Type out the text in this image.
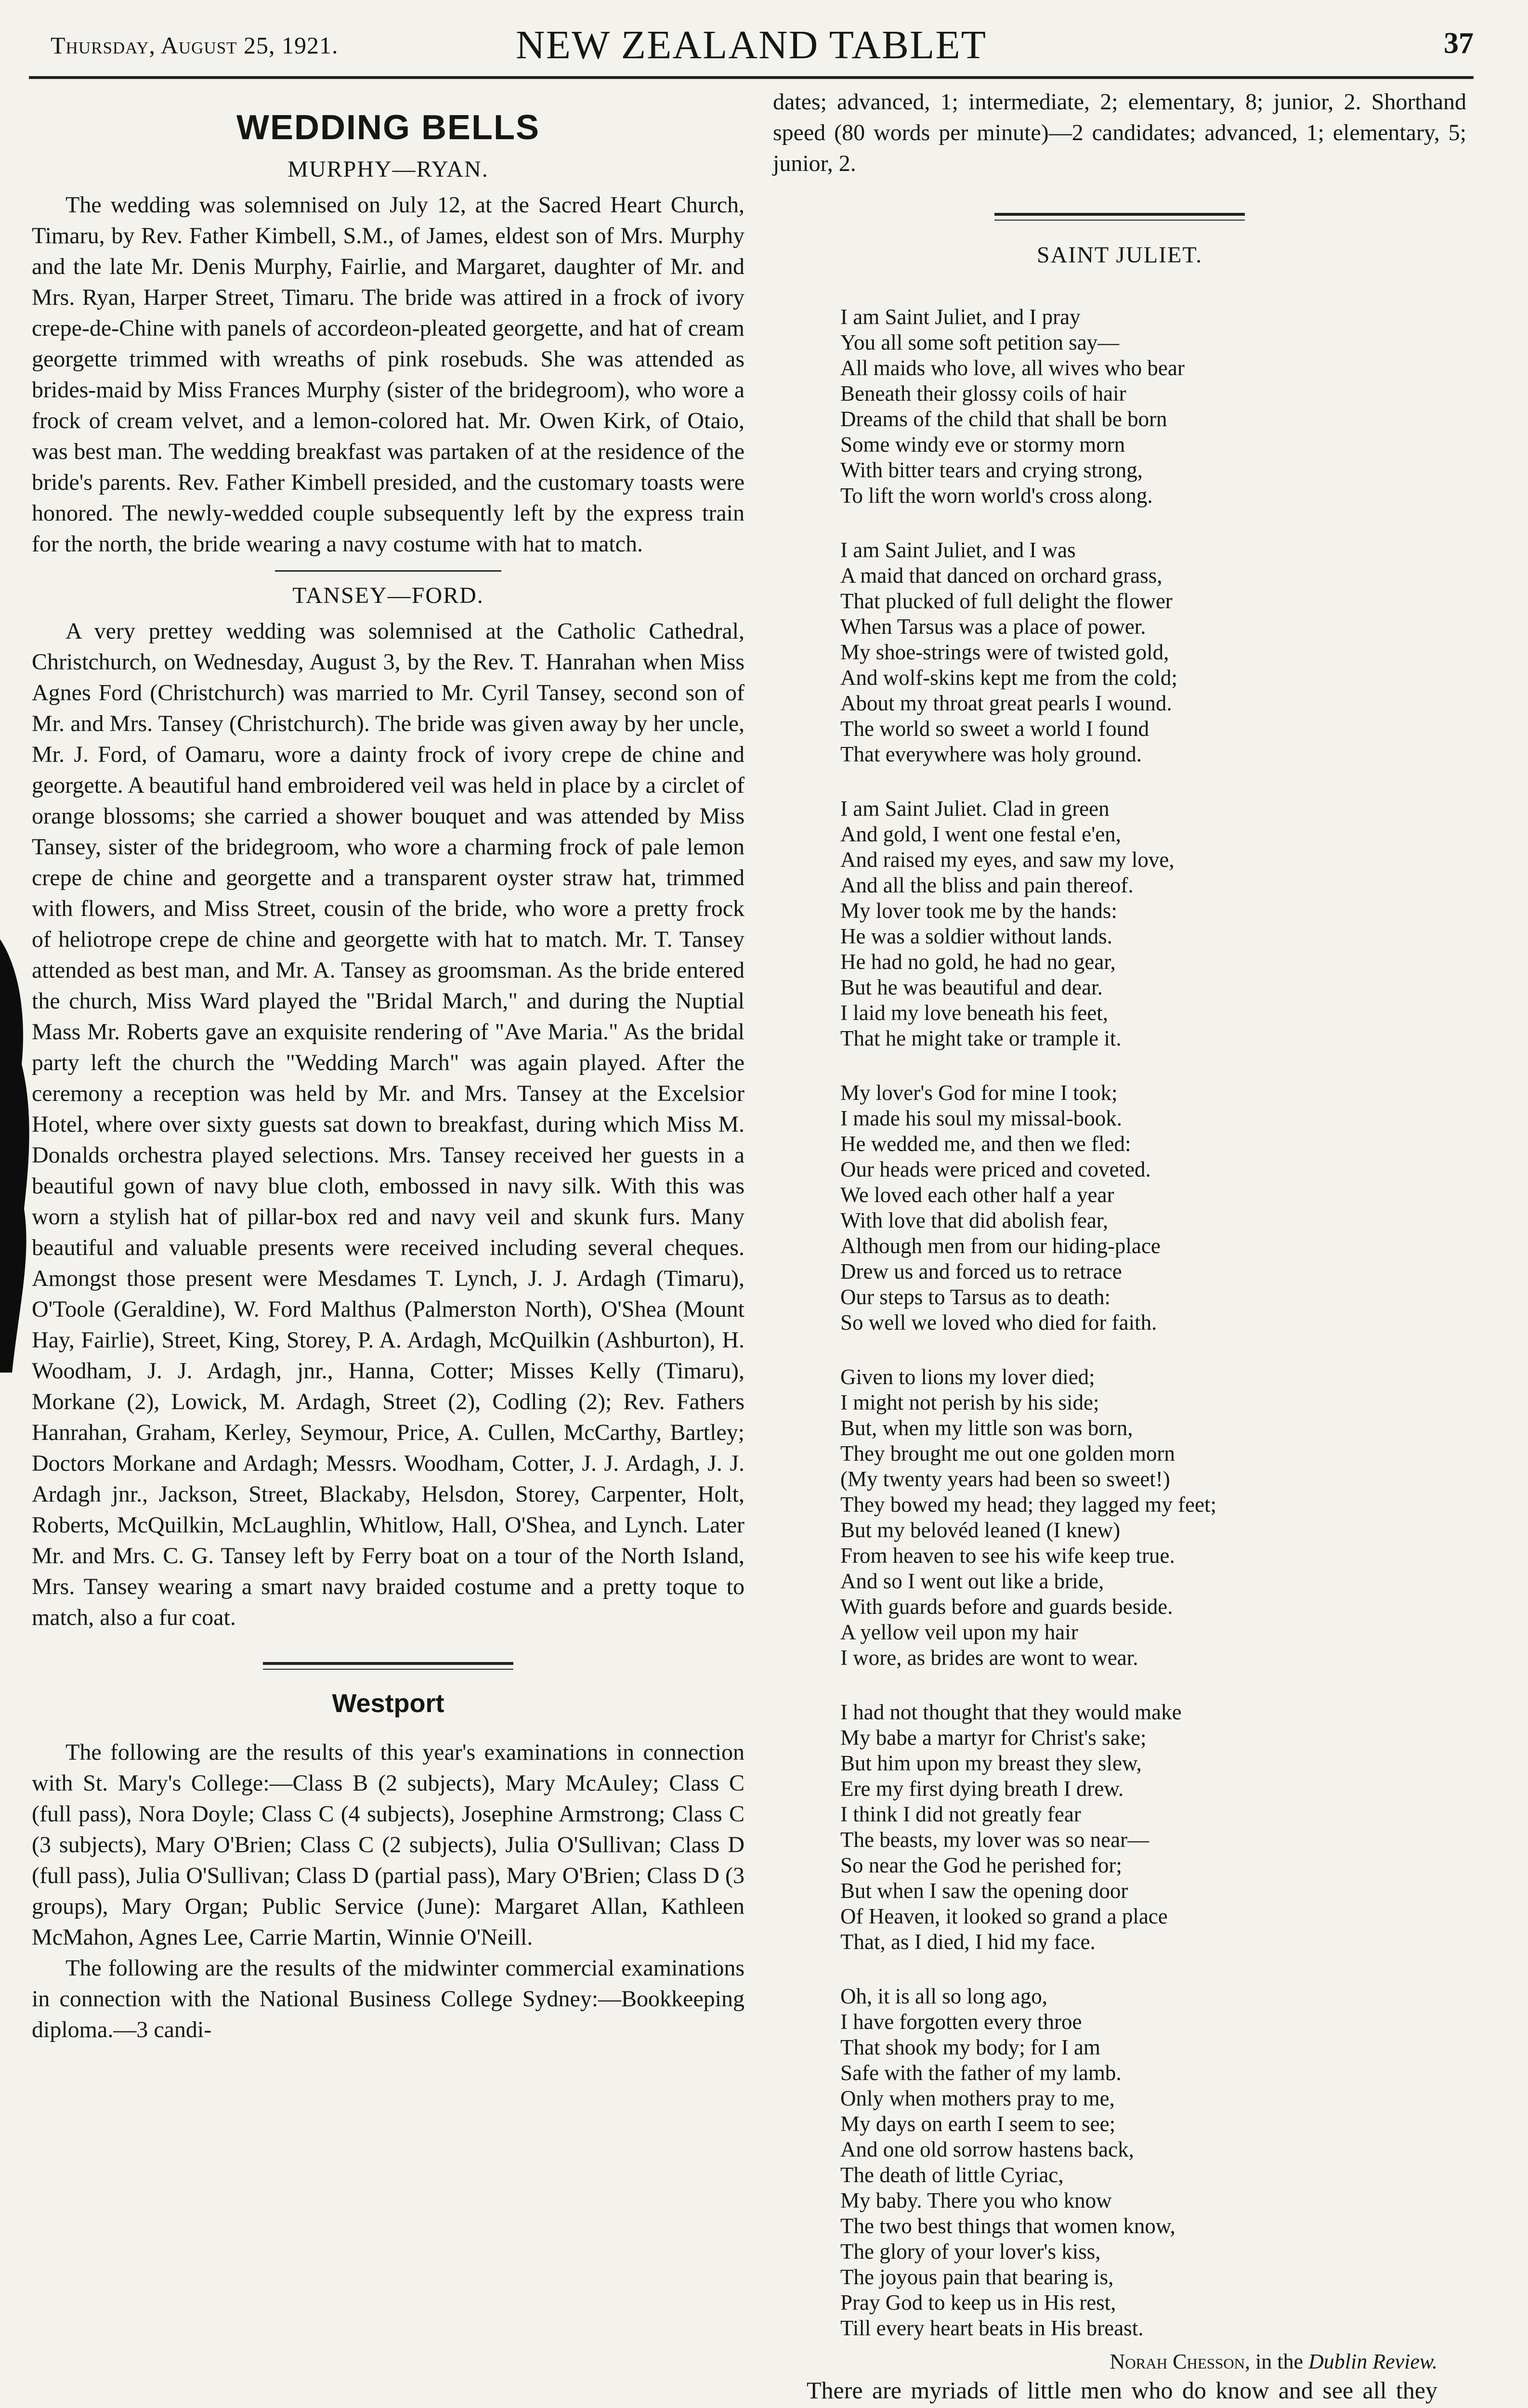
Thursday, August 25, 1921.	NEW ZEALAND TABLET	37
WEDDING BELLS
MURPHY—RYAN.

The wedding was solemnised on July 12, at the Sacred Heart Church, Timaru, by Rev. Father Kimbell, S.M., of James, eldest son of Mrs. Murphy and the late Mr. Denis Murphy, Fairlie, and Margaret, daughter of Mr. and Mrs. Ryan, Harper Street, Timaru. The bride was attired in a frock of ivory crepe-de-Chine with panels of accordeon-pleated georgette, and hat of cream georgette trimmed with wreaths of pink rosebuds. She was attended as brides-maid by Miss Frances Murphy (sister of the bridegroom), who wore a frock of cream velvet, and a lemon-colored hat. Mr. Owen Kirk, of Otaio, was best man. The wedding breakfast was partaken of at the residence of the bride's parents. Rev. Father Kimbell presided, and the customary toasts were honored. The newly-wedded couple subsequently left by the express train for the north, the bride wearing a navy costume with hat to match.

TANSEY—FORD.

A very prettey wedding was solemnised at the Catholic Cathedral, Christchurch, on Wednesday, August 3, by the Rev. T. Hanrahan when Miss Agnes Ford (Christchurch) was married to Mr. Cyril Tansey, second son of Mr. and Mrs. Tansey (Christchurch). The bride was given away by her uncle, Mr. J. Ford, of Oamaru, wore a dainty frock of ivory crepe de chine and georgette. A beautiful hand embroidered veil was held in place by a circlet of orange blossoms; she carried a shower bouquet and was attended by Miss Tansey, sister of the bridegroom, who wore a charming frock of pale lemon crepe de chine and georgette and a transparent oyster straw hat, trimmed with flowers, and Miss Street, cousin of the bride, who wore a pretty frock of heliotrope crepe de chine and georgette with hat to match. Mr. T. Tansey attended as best man, and Mr. A. Tansey as groomsman. As the bride entered the church, Miss Ward played the "Bridal March," and during the Nuptial Mass Mr. Roberts gave an exquisite rendering of "Ave Maria." As the bridal party left the church the "Wedding March" was again played. After the ceremony a reception was held by Mr. and Mrs. Tansey at the Excelsior Hotel, where over sixty guests sat down to breakfast, during which Miss M. Donalds orchestra played selections. Mrs. Tansey received her guests in a beautiful gown of navy blue cloth, embossed in navy silk. With this was worn a stylish hat of pillar-box red and navy veil and skunk furs. Many beautiful and valuable presents were received including several cheques. Amongst those present were Mesdames T. Lynch, J. J. Ardagh (Timaru), O'Toole (Geraldine), W. Ford Malthus (Palmerston North), O'Shea (Mount Hay, Fairlie), Street, King, Storey, P. A. Ardagh, McQuilkin (Ashburton), H. Woodham, J. J. Ardagh, jnr., Hanna, Cotter; Misses Kelly (Timaru), Morkane (2), Lowick, M. Ardagh, Street (2), Codling (2); Rev. Fathers Hanrahan, Graham, Kerley, Seymour, Price, A. Cullen, McCarthy, Bartley; Doctors Morkane and Ardagh; Messrs. Woodham, Cotter, J. J. Ardagh, J. J. Ardagh jnr., Jackson, Street, Blackaby, Helsdon, Storey, Carpenter, Holt, Roberts, McQuilkin, McLaughlin, Whitlow, Hall, O'Shea, and Lynch. Later Mr. and Mrs. C. G. Tansey left by Ferry boat on a tour of the North Island, Mrs. Tansey wearing a smart navy braided costume and a pretty toque to match, also a fur coat.

Westport

The following are the results of this year's examinations in connection with St. Mary's College:—Class B (2 subjects), Mary McAuley; Class C (full pass), Nora Doyle; Class C (4 subjects), Josephine Armstrong; Class C (3 subjects), Mary O'Brien; Class C (2 subjects), Julia O'Sullivan; Class D (full pass), Julia O'Sullivan; Class D (partial pass), Mary O'Brien; Class D (3 groups), Mary Organ; Public Service (June): Margaret Allan, Kathleen McMahon, Agnes Lee, Carrie Martin, Winnie O'Neill.

The following are the results of the midwinter commercial examinations in connection with the National Business College Sydney:—Bookkeeping diploma.—3 candi-

dates; advanced, 1; intermediate, 2; elementary, 8; junior, 2. Shorthand speed (80 words per minute)—2 candidates; advanced, 1; elementary, 5; junior, 2.

SAINT JULIET.
I am Saint Juliet, and I pray
You all some soft petition say—
All maids who love, all wives who bear
Beneath their glossy coils of hair
Dreams of the child that shall be born
Some windy eve or stormy morn
With bitter tears and crying strong,
To lift the worn world's cross along.
I am Saint Juliet, and I was
A maid that danced on orchard grass,
That plucked of full delight the flower
When Tarsus was a place of power.
My shoe-strings were of twisted gold,
And wolf-skins kept me from the cold;
About my throat great pearls I wound.
The world so sweet a world I found
That everywhere was holy ground.
I am Saint Juliet. Clad in green
And gold, I went one festal e'en,
And raised my eyes, and saw my love,
And all the bliss and pain thereof.
My lover took me by the hands:
He was a soldier without lands.
He had no gold, he had no gear,
But he was beautiful and dear.
I laid my love beneath his feet,
That he might take or trample it.
My lover's God for mine I took;
I made his soul my missal-book.
He wedded me, and then we fled:
Our heads were priced and coveted.
We loved each other half a year
With love that did abolish fear,
Although men from our hiding-place
Drew us and forced us to retrace
Our steps to Tarsus as to death:
So well we loved who died for faith.
Given to lions my lover died;
I might not perish by his side;
But, when my little son was born,
They brought me out one golden morn
(My twenty years had been so sweet!)
They bowed my head; they lagged my feet;
But my belovéd leaned (I knew)
From heaven to see his wife keep true.
And so I went out like a bride,
With guards before and guards beside.
A yellow veil upon my hair
I wore, as brides are wont to wear.
I had not thought that they would make
My babe a martyr for Christ's sake;
But him upon my breast they slew,
Ere my first dying breath I drew.
I think I did not greatly fear
The beasts, my lover was so near—
So near the God he perished for;
But when I saw the opening door
Of Heaven, it looked so grand a place
That, as I died, I hid my face.
Oh, it is all so long ago,
I have forgotten every throe
That shook my body; for I am
Safe with the father of my lamb.
Only when mothers pray to me,
My days on earth I seem to see;
And one old sorrow hastens back,
The death of little Cyriac,
My baby. There you who know
The two best things that women know,
The glory of your lover's kiss,
The joyous pain that bearing is,
Pray God to keep us in His rest,
Till every heart beats in His breast.
Norah Chesson, in the Dublin Review.

There are myriads of little men who do know and see all they
